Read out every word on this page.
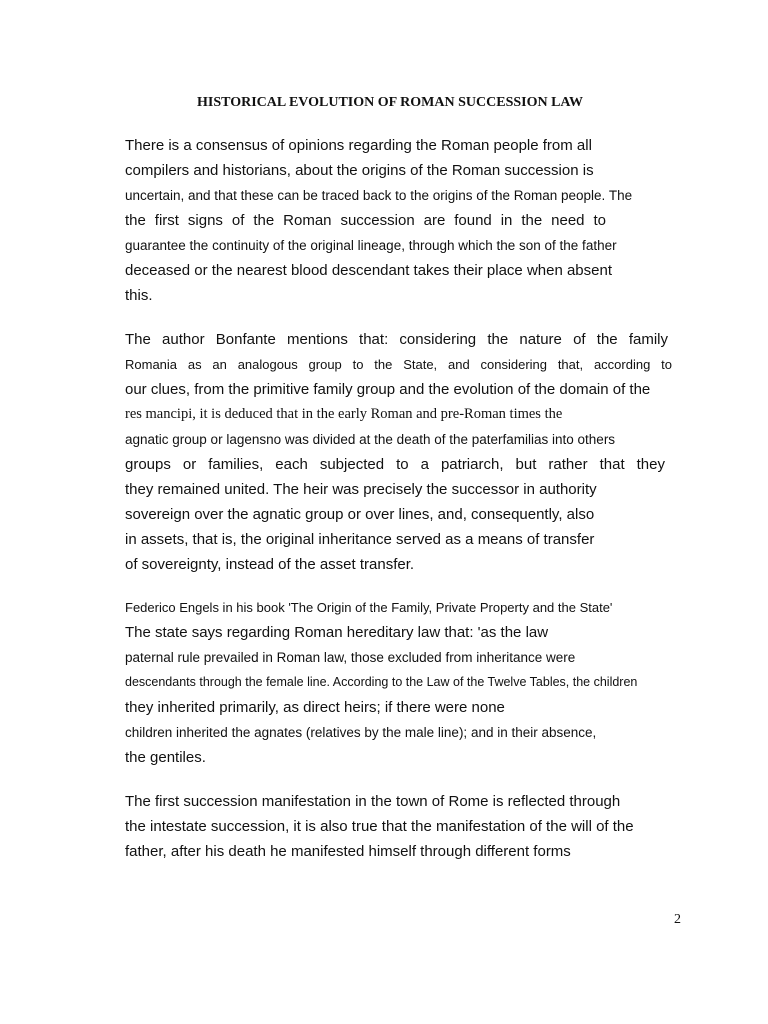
HISTORICAL EVOLUTION OF ROMAN SUCCESSION LAW
There is a consensus of opinions regarding the Roman people from all
compilers and historians, about the origins of the Roman succession is
uncertain, and that these can be traced back to the origins of the Roman people. The
the first signs of the Roman succession are found in the need to
guarantee the continuity of the original lineage, through which the son of the father
deceased or the nearest blood descendant takes their place when absent
this.
The author Bonfante mentions that: considering the nature of the family
Romania as an analogous group to the State, and considering that, according to
our clues, from the primitive family group and the evolution of the domain of the
res mancipi, it is deduced that in the early Roman and pre-Roman times the
agnatic group or lagensno was divided at the death of the paterfamilias into others
groups or families, each subjected to a patriarch, but rather that they
they remained united. The heir was precisely the successor in authority
sovereign over the agnatic group or over lines, and, consequently, also
in assets, that is, the original inheritance served as a means of transfer
of sovereignty, instead of the asset transfer.
Federico Engels in his book 'The Origin of the Family, Private Property and the State'
The state says regarding Roman hereditary law that: 'as the law
paternal rule prevailed in Roman law, those excluded from inheritance were
descendants through the female line. According to the Law of the Twelve Tables, the children
they inherited primarily, as direct heirs; if there were none
children inherited the agnates (relatives by the male line); and in their absence,
the gentiles.
The first succession manifestation in the town of Rome is reflected through
the intestate succession, it is also true that the manifestation of the will of the
father, after his death he manifested himself through different forms
2
